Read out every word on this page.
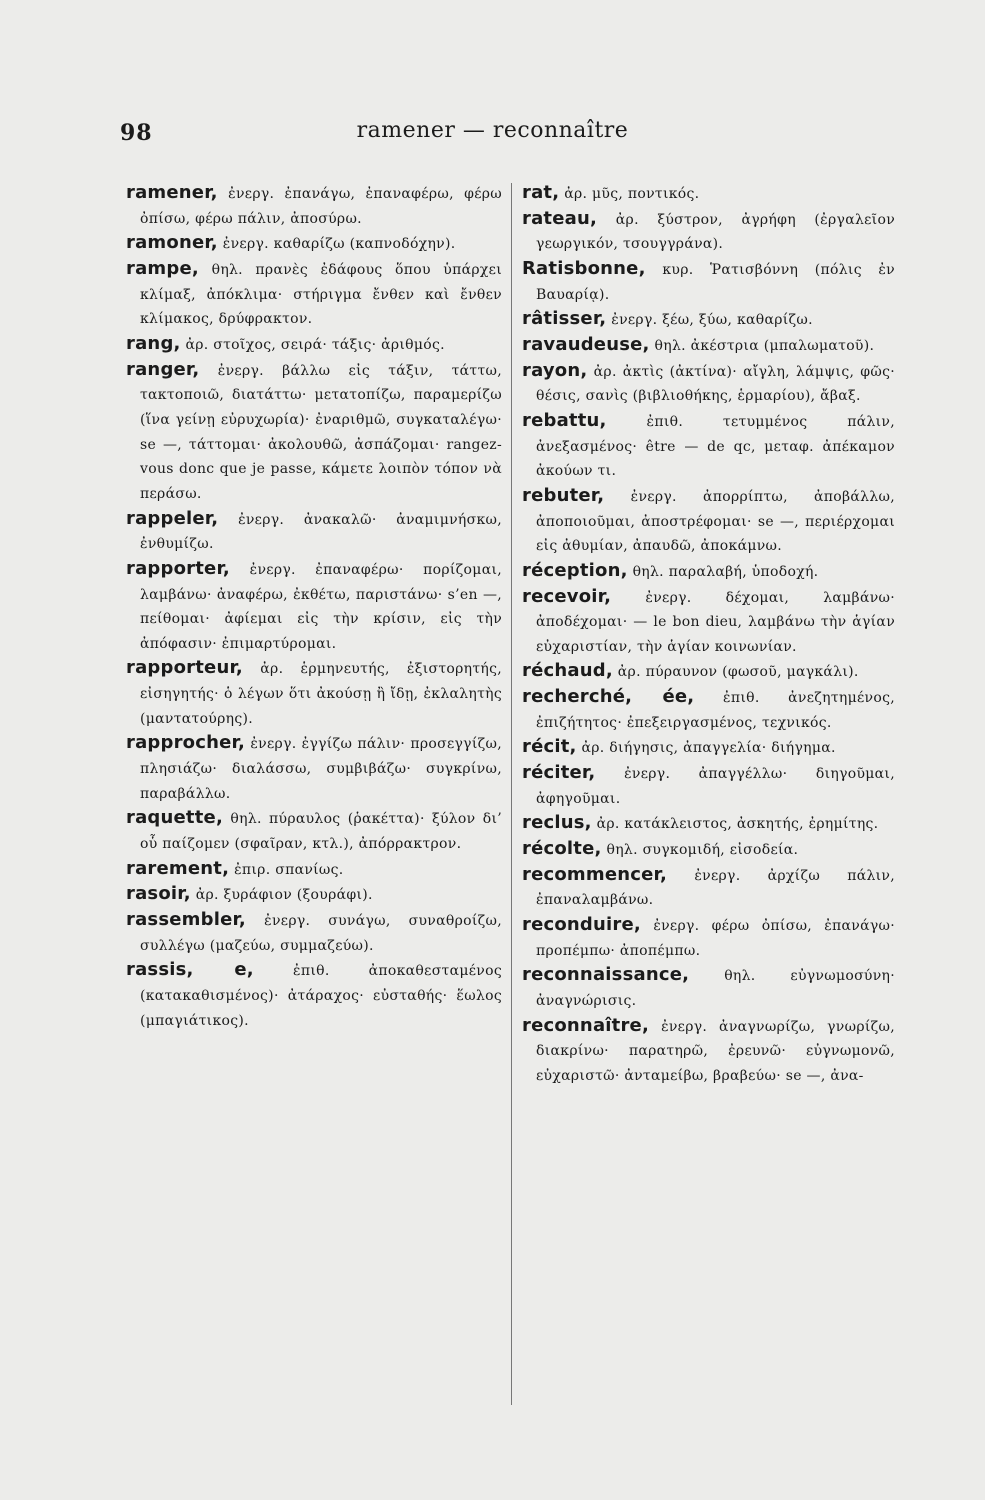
98	ramener — reconnaître

ramener, ἐνεργ. ἐπανάγω, ἐπαναφέρω, φέρω ὀπίσω, φέρω πάλιν, ἀποσύρω.

ramoner, ἐνεργ. καθαρίζω (καπνοδόχην).

rampe, θηλ. πρανὲς ἐδάφους ὅπου ὑπάρχει κλίμαξ, ἀπόκλιμα· στήριγμα ἔνθεν καὶ ἔνθεν κλίμακος, δρύφρακτον.

rang, ἀρ. στοῖχος, σειρά· τάξις· ἀριθμός.

ranger, ἐνεργ. βάλλω εἰς τάξιν, τάττω, τακτοποιῶ, διατάττω· μετατοπίζω, παραμερίζω (ἵνα γείνῃ εὐρυχωρία)· ἐναριθμῶ, συγκαταλέγω· se —, τάττομαι· ἀκολουθῶ, ἀσπάζομαι· rangez-vous donc que je passe, κάμετε λοιπὸν τόπον νὰ περάσω.

rappeler, ἐνεργ. ἀνακαλῶ· ἀναμιμνήσκω, ἐνθυμίζω.

rapporter, ἐνεργ. ἐπαναφέρω· πορίζομαι, λαμβάνω· ἀναφέρω, ἐκθέτω, παριστάνω· s’en —, πείθομαι· ἀφίεμαι εἰς τὴν κρίσιν, εἰς τὴν ἀπόφασιν· ἐπιμαρτύρομαι.

rapporteur, ἀρ. ἑρμηνευτής, ἐξιστορητής, εἰσηγητής· ὁ λέγων ὅτι ἀκούσῃ ἢ ἴδῃ, ἐκλαλητὴς (μαντατούρης).

rapprocher, ἐνεργ. ἐγγίζω πάλιν· προσεγγίζω, πλησιάζω· διαλάσσω, συμβιβάζω· συγκρίνω, παραβάλλω.

raquette, θηλ. πύραυλος (ῥακέττα)· ξύλον δι’ οὗ παίζομεν (σφαῖραν, κτλ.), ἀπόρρακτρον.

rarement, ἐπιρ. σπανίως.

rasoir, ἀρ. ξυράφιον (ξουράφι).

rassembler, ἐνεργ. συνάγω, συναθροίζω, συλλέγω (μαζεύω, συμμαζεύω).

rassis, e,	ἐπιθ. ἀποκαθεσταμένος (κατακαθισμένος)· ἀτάραχος· εὐσταθής· ἕωλος (μπαγιάτικος).

rat, ἀρ. μῦς, ποντικός.

rateau, ἀρ. ξύστρον, ἀγρήφη (ἐργαλεῖον γεωργικόν, τσουγγράνα).

Ratisbonne, κυρ. Ῥατισβόννη (πόλις ἐν Βαυαρίᾳ).

râtisser, ἐνεργ. ξέω, ξύω, καθαρίζω.

ravaudeuse, θηλ. ἀκέστρια (μπαλωματοῦ).

rayon, ἀρ. ἀκτὶς (ἀκτίνα)· αἴγλη, λάμψις, φῶς· θέσις, σανὶς (βιβλιοθήκης, ἑρμαρίου), ἄβαξ.

rebattu,	ἐπιθ. τετυμμένος πάλιν, ἀνεξασμένος· être — de qc, μεταφ. ἀπέκαμον ἀκούων τι.

rebuter, ἐνεργ. ἀπορρίπτω, ἀποβάλλω, ἀποποιοῦμαι, ἀποστρέφομαι· se —, περιέρχομαι εἰς ἀθυμίαν, ἀπαυδῶ, ἀποκάμνω.

réception, θηλ. παραλαβή, ὑποδοχή.

recevoir, ἐνεργ. δέχομαι, λαμβάνω· ἀποδέχομαι· — le bon dieu, λαμβάνω τὴν ἁγίαν εὐχαριστίαν, τὴν ἁγίαν κοινωνίαν.

réchaud, ἀρ. πύραυνον (φωσοῦ, μαγκάλι).

recherché, ée, ἐπιθ. ἀνεζητημένος, ἐπιζήτητος· ἐπεξειργασμένος, τεχνικός.

récit, ἀρ. διήγησις, ἀπαγγελία· διήγημα.

réciter, ἐνεργ. ἀπαγγέλλω· διηγοῦμαι, ἀφηγοῦμαι.

reclus, ἀρ. κατάκλειστος, ἀσκητής, ἐρημίτης.

récolte, θηλ. συγκομιδή, εἰσοδεία.

recommencer, ἐνεργ. ἀρχίζω πάλιν, ἐπαναλαμβάνω.

reconduire, ἐνεργ. φέρω ὀπίσω, ἐπανάγω· προπέμπω· ἀποπέμπω.

reconnaissance,	θηλ. εὐγνωμοσύνη· ἀναγνώρισις.

reconnaître, ἐνεργ. ἀναγνωρίζω, γνωρίζω, διακρίνω· παρατηρῶ, ἐρευνῶ· εὐγνωμονῶ, εὐχαριστῶ· ἀνταμείβω, βραβεύω· se —, ἀνα-
